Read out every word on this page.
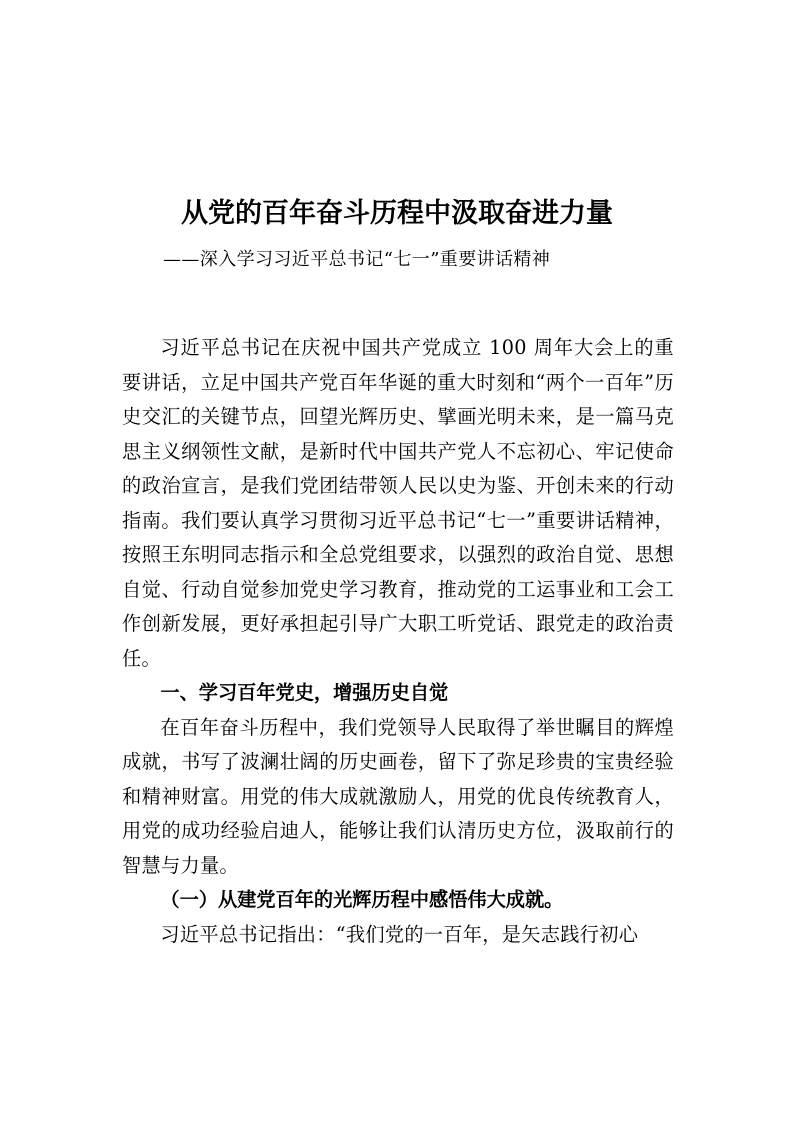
从党的百年奋斗历程中汲取奋进力量
——深入学习习近平总书记“七一”重要讲话精神

习近平总书记在庆祝中国共产党成立 100 周年大会上的重要讲话，立足中国共产党百年华诞的重大时刻和“两个一百年”历史交汇的关键节点，回望光辉历史、擘画光明未来，是一篇马克思主义纲领性文献，是新时代中国共产党人不忘初心、牢记使命的政治宣言，是我们党团结带领人民以史为鉴、开创未来的行动指南。我们要认真学习贯彻习近平总书记“七一”重要讲话精神，按照王东明同志指示和全总党组要求，以强烈的政治自觉、思想自觉、行动自觉参加党史学习教育，推动党的工运事业和工会工作创新发展，更好承担起引导广大职工听党话、跟党走的政治责任。

一、学习百年党史，增强历史自觉

在百年奋斗历程中，我们党领导人民取得了举世瞩目的辉煌成就，书写了波澜壮阔的历史画卷，留下了弥足珍贵的宝贵经验和精神财富。用党的伟大成就激励人，用党的优良传统教育人，用党的成功经验启迪人，能够让我们认清历史方位，汲取前行的智慧与力量。

（一）从建党百年的光辉历程中感悟伟大成就。

习近平总书记指出：“我们党的一百年，是矢志践行初心
